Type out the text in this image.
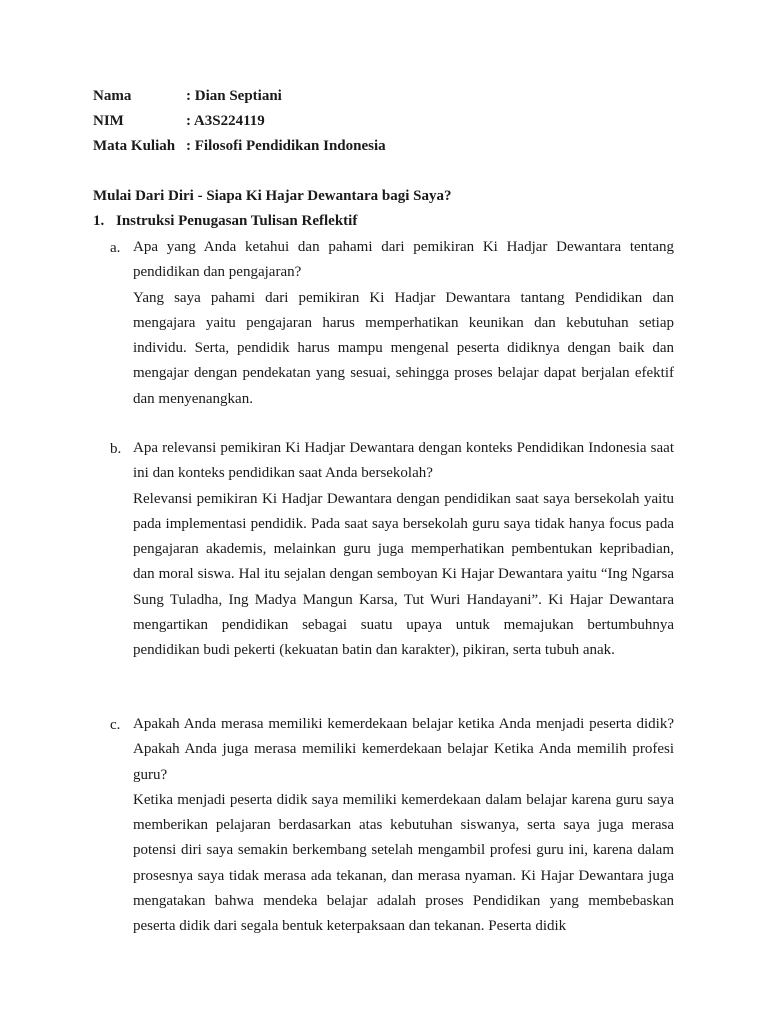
Nama	: Dian Septiani
NIM	: A3S224119
Mata Kuliah : Filosofi Pendidikan Indonesia
Mulai Dari Diri - Siapa Ki Hajar Dewantara bagi Saya?
1. Instruksi Penugasan Tulisan Reflektif
a. Apa yang Anda ketahui dan pahami dari pemikiran Ki Hadjar Dewantara tentang pendidikan dan pengajaran?

Yang saya pahami dari pemikiran Ki Hadjar Dewantara tantang Pendidikan dan mengajara yaitu pengajaran harus memperhatikan keunikan dan kebutuhan setiap individu. Serta, pendidik harus mampu mengenal peserta didiknya dengan baik dan mengajar dengan pendekatan yang sesuai, sehingga proses belajar dapat berjalan efektif dan menyenangkan.

b. Apa relevansi pemikiran Ki Hadjar Dewantara dengan konteks Pendidikan Indonesia saat ini dan konteks pendidikan saat Anda bersekolah?

Relevansi pemikiran Ki Hadjar Dewantara dengan pendidikan saat saya bersekolah yaitu pada implementasi pendidik. Pada saat saya bersekolah guru saya tidak hanya focus pada pengajaran akademis, melainkan guru juga memperhatikan pembentukan kepribadian, dan moral siswa. Hal itu sejalan dengan semboyan Ki Hajar Dewantara yaitu “Ing Ngarsa Sung Tuladha, Ing Madya Mangun Karsa, Tut Wuri Handayani”. Ki Hajar Dewantara mengartikan pendidikan sebagai suatu upaya untuk memajukan bertumbuhnya pendidikan budi pekerti (kekuatan batin dan karakter), pikiran, serta tubuh anak.

c. Apakah Anda merasa memiliki kemerdekaan belajar ketika Anda menjadi peserta didik? Apakah Anda juga merasa memiliki kemerdekaan belajar Ketika Anda memilih profesi guru?

Ketika menjadi peserta didik saya memiliki kemerdekaan dalam belajar karena guru saya memberikan pelajaran berdasarkan atas kebutuhan siswanya, serta saya juga merasa potensi diri saya semakin berkembang setelah mengambil profesi guru ini, karena dalam prosesnya saya tidak merasa ada tekanan, dan merasa nyaman. Ki Hajar Dewantara juga mengatakan bahwa mendeka belajar adalah proses Pendidikan yang membebaskan peserta didik dari segala bentuk keterpaksaan dan tekanan. Peserta didik
